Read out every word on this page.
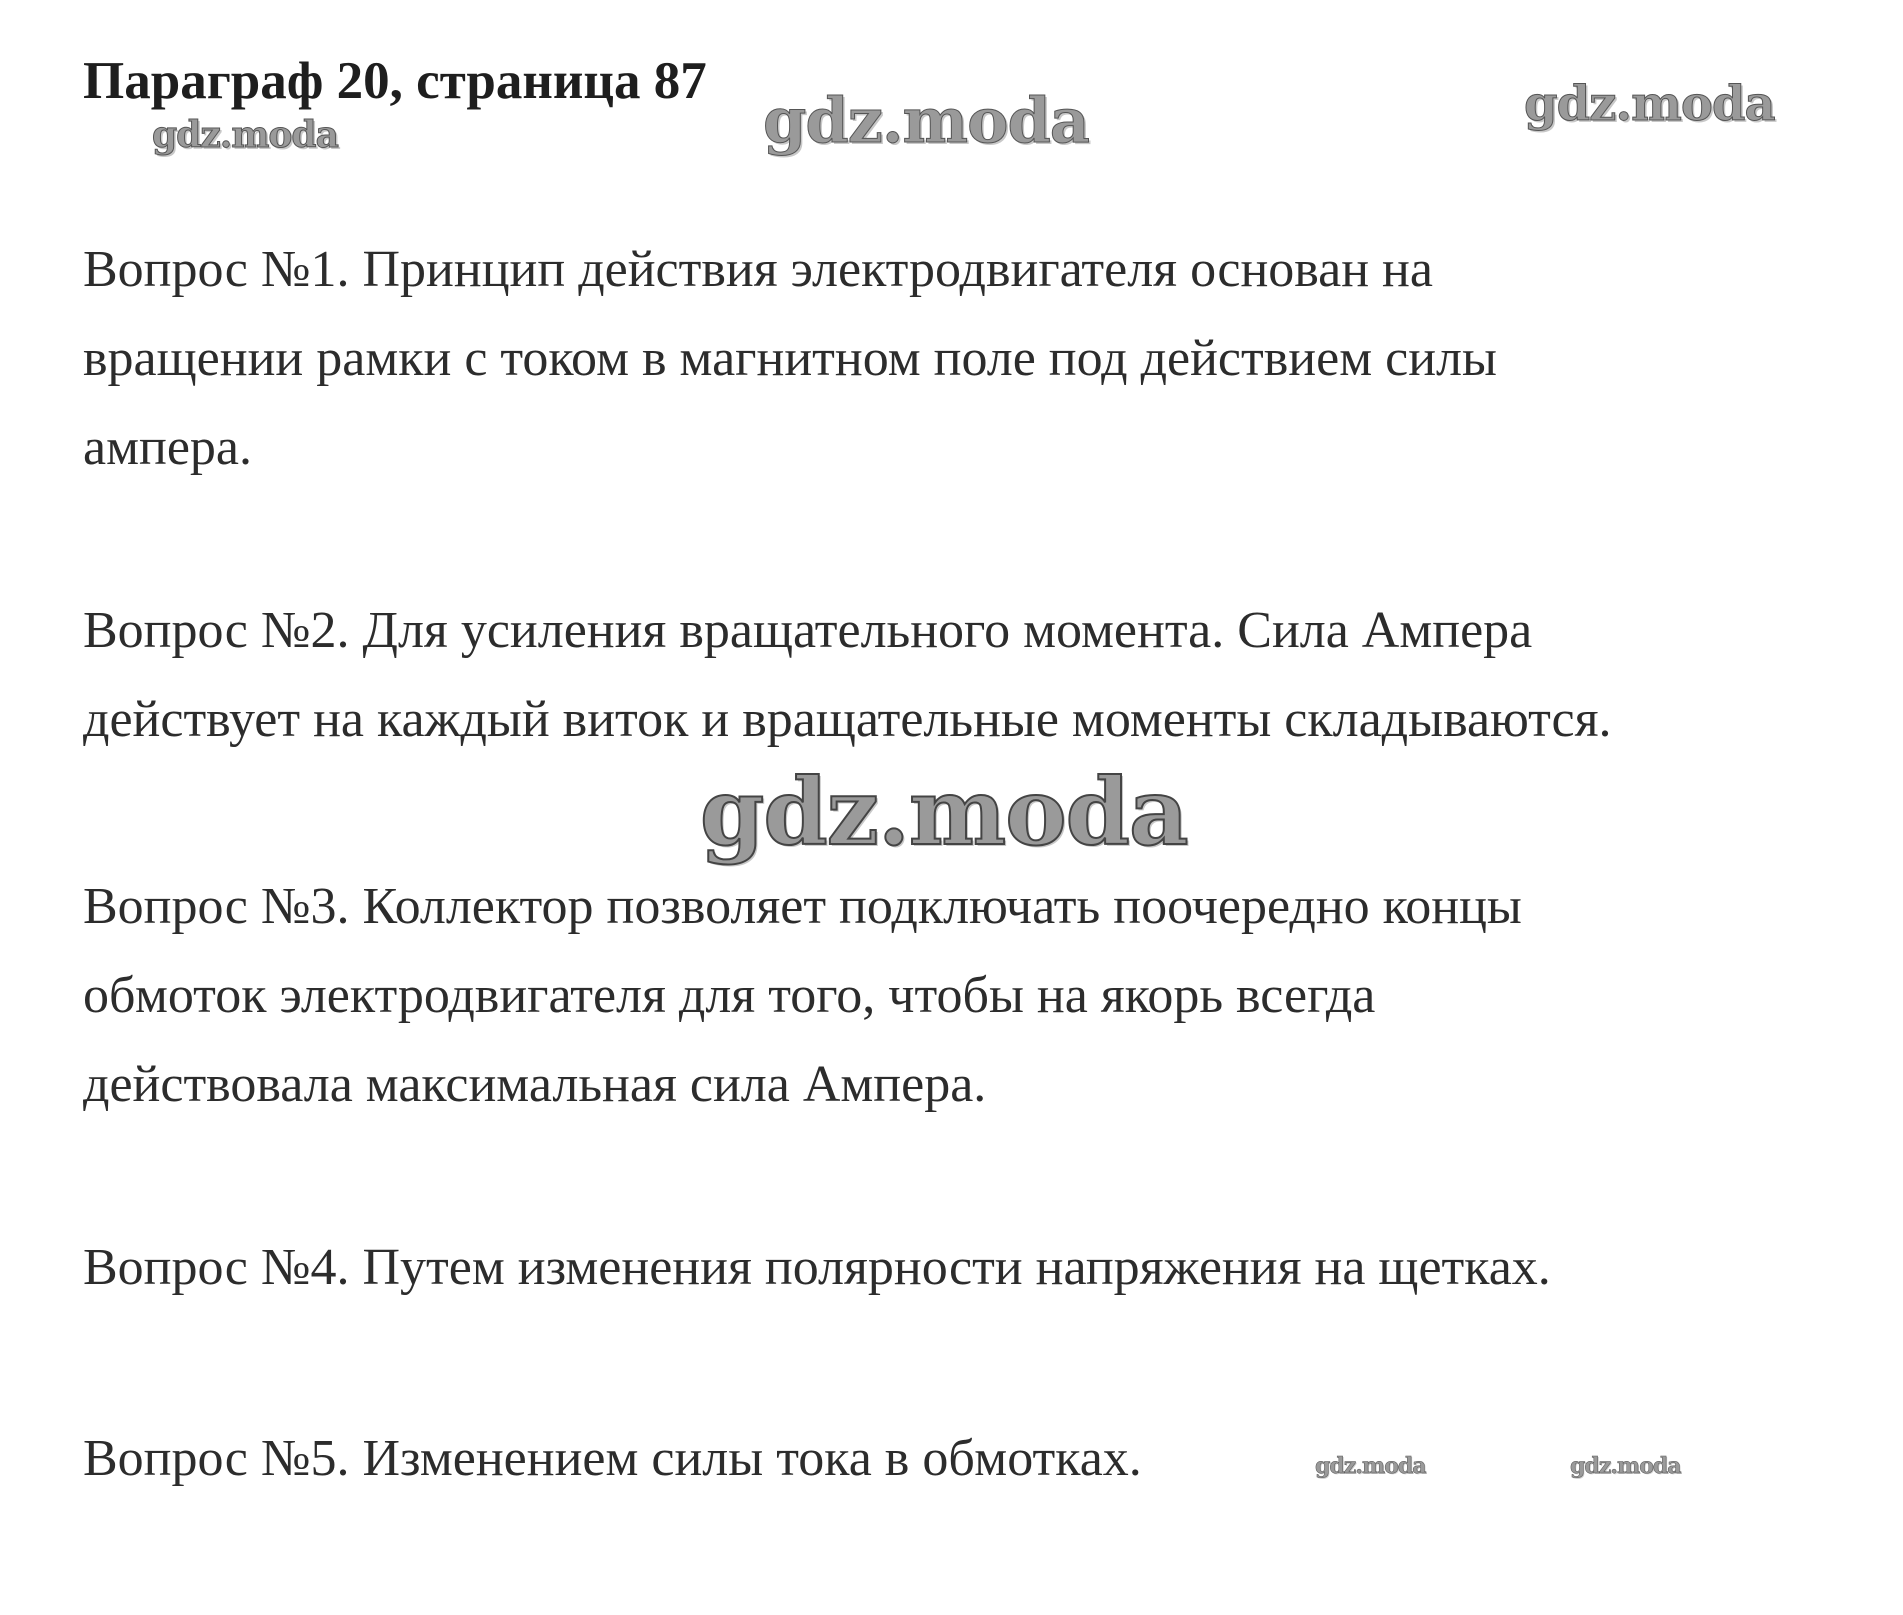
Параграф 20, страница 87

Вопрос №1. Принцип действия электродвигателя основан на
вращении рамки с током в магнитном поле под действием силы
ампера.

Вопрос №2. Для усиления вращательного момента. Сила Ампера
действует на каждый виток и вращательные моменты складываются.

Вопрос №3. Коллектор позволяет подключать поочередно концы
обмоток электродвигателя для того, чтобы на якорь всегда
действовала максимальная сила Ампера.

Вопрос №4. Путем изменения полярности напряжения на щетках.

Вопрос №5. Изменением силы тока в обмотках.

gdz.moda	gdz.moda	gdz.moda
gdz.moda
gdz.moda	gdz.moda
